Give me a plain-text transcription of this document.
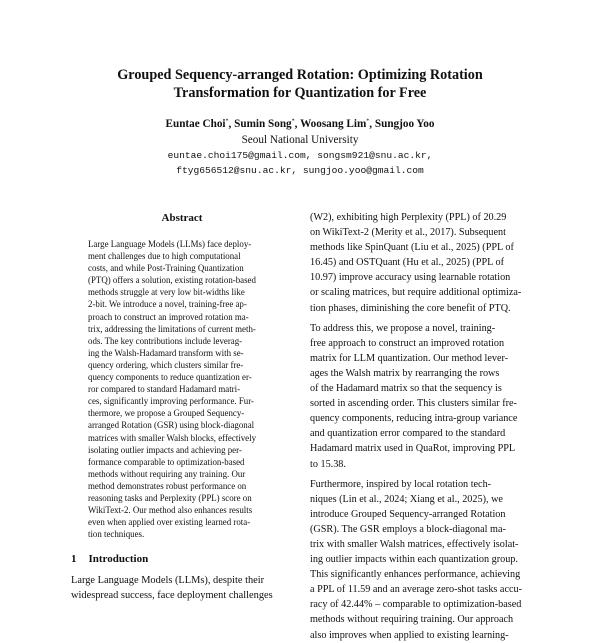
Grouped Sequency-arranged Rotation: Optimizing Rotation
Transformation for Quantization for Free
Euntae Choi*, Sumin Song*, Woosang Lim*, Sungjoo Yoo
Seoul National University
euntae.choi175@gmail.com, songsm921@snu.ac.kr,
ftyg656512@snu.ac.kr, sungjoo.yoo@gmail.com
Abstract
Large Language Models (LLMs) face deploy-
ment challenges due to high computational
costs, and while Post-Training Quantization
(PTQ) offers a solution, existing rotation-based
methods struggle at very low bit-widths like
2-bit. We introduce a novel, training-free ap-
proach to construct an improved rotation ma-
trix, addressing the limitations of current meth-
ods. The key contributions include leverag-
ing the Walsh-Hadamard transform with se-
quency ordering, which clusters similar fre-
quency components to reduce quantization er-
ror compared to standard Hadamard matri-
ces, significantly improving performance. Fur-
thermore, we propose a Grouped Sequency-
arranged Rotation (GSR) using block-diagonal
matrices with smaller Walsh blocks, effectively
isolating outlier impacts and achieving per-
formance comparable to optimization-based
methods without requiring any training. Our
method demonstrates robust performance on
reasoning tasks and Perplexity (PPL) score on
WikiText-2. Our method also enhances results
even when applied over existing learned rota-
tion techniques.
1 Introduction
Large Language Models (LLMs), despite their
widespread success, face deployment challenges
(W2), exhibiting high Perplexity (PPL) of 20.29
on WikiText-2 (Merity et al., 2017). Subsequent
methods like SpinQuant (Liu et al., 2025) (PPL of
16.45) and OSTQuant (Hu et al., 2025) (PPL of
10.97) improve accuracy using learnable rotation
or scaling matrices, but require additional optimiza-
tion phases, diminishing the core benefit of PTQ.
To address this, we propose a novel, training-
free approach to construct an improved rotation
matrix for LLM quantization. Our method lever-
ages the Walsh matrix by rearranging the rows
of the Hadamard matrix so that the sequency is
sorted in ascending order. This clusters similar fre-
quency components, reducing intra-group variance
and quantization error compared to the standard
Hadamard matrix used in QuaRot, improving PPL
to 15.38.
Furthermore, inspired by local rotation tech-
niques (Lin et al., 2024; Xiang et al., 2025), we
introduce Grouped Sequency-arranged Rotation
(GSR). The GSR employs a block-diagonal ma-
trix with smaller Walsh matrices, effectively isolat-
ing outlier impacts within each quantization group.
This significantly enhances performance, achieving
a PPL of 11.59 and an average zero-shot tasks accu-
racy of 42.44% – comparable to optimization-based
methods without requiring training. Our approach
also improves when applied to existing learning-
